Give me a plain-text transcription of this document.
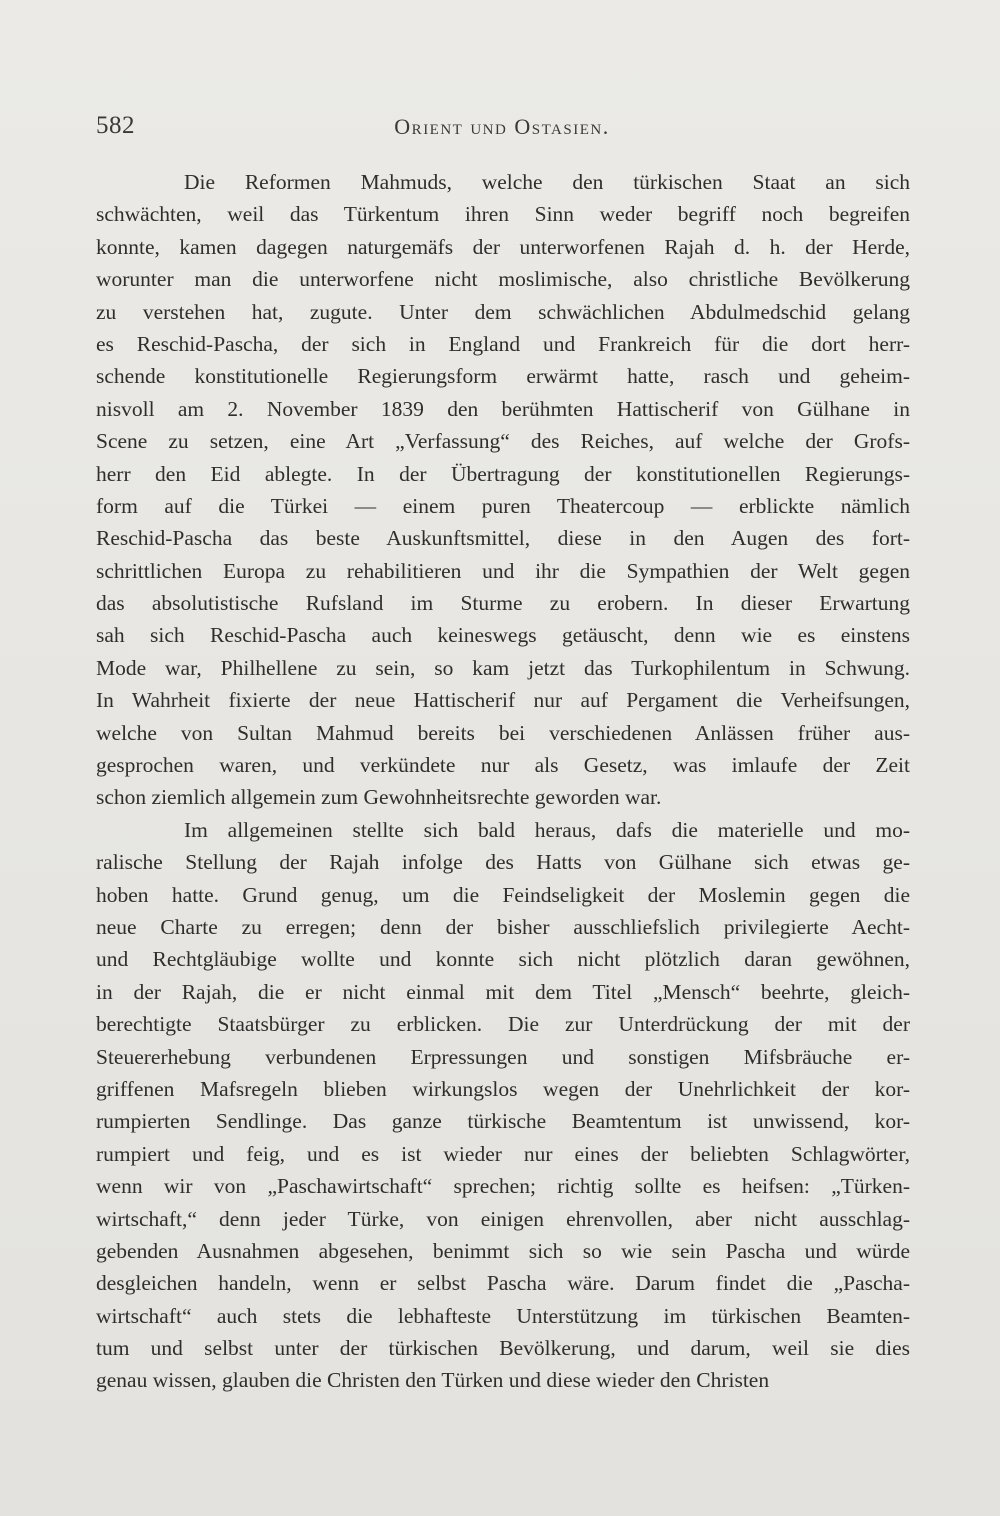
582	Orient und Ostasien.
Die Reformen Mahmuds, welche den türkischen Staat an sich
schwächten, weil das Türkentum ihren Sinn weder begriff noch begreifen
konnte, kamen dagegen naturgemäfs der unterworfenen Rajah d. h. der Herde,
worunter man die unterworfene nicht moslimische, also christliche Bevölkerung
zu verstehen hat, zugute. Unter dem schwächlichen Abdulmedschid gelang
es Reschid-Pascha, der sich in England und Frankreich für die dort herr-
schende konstitutionelle Regierungsform erwärmt hatte, rasch und geheim-
nisvoll am 2. November 1839 den berühmten Hattischerif von Gülhane in
Scene zu setzen, eine Art „Verfassung“ des Reiches, auf welche der Grofs-
herr den Eid ablegte. In der Übertragung der konstitutionellen Regierungs-
form auf die Türkei — einem puren Theatercoup — erblickte nämlich
Reschid-Pascha das beste Auskunftsmittel, diese in den Augen des fort-
schrittlichen Europa zu rehabilitieren und ihr die Sympathien der Welt gegen
das absolutistische Rufsland im Sturme zu erobern. In dieser Erwartung
sah sich Reschid-Pascha auch keineswegs getäuscht, denn wie es einstens
Mode war, Philhellene zu sein, so kam jetzt das Turkophilentum in Schwung.
In Wahrheit fixierte der neue Hattischerif nur auf Pergament die Verheifsungen,
welche von Sultan Mahmud bereits bei verschiedenen Anlässen früher aus-
gesprochen waren, und verkündete nur als Gesetz, was imlaufe der Zeit
schon ziemlich allgemein zum Gewohnheitsrechte geworden war.
Im allgemeinen stellte sich bald heraus, dafs die materielle und mo-
ralische Stellung der Rajah infolge des Hatts von Gülhane sich etwas ge-
hoben hatte. Grund genug, um die Feindseligkeit der Moslemin gegen die
neue Charte zu erregen; denn der bisher ausschliefslich privilegierte Aecht-
und Rechtgläubige wollte und konnte sich nicht plötzlich daran gewöhnen,
in der Rajah, die er nicht einmal mit dem Titel „Mensch“ beehrte, gleich-
berechtigte Staatsbürger zu erblicken. Die zur Unterdrückung der mit der
Steuererhebung verbundenen Erpressungen und sonstigen Mifsbräuche er-
griffenen Mafsregeln blieben wirkungslos wegen der Unehrlichkeit der kor-
rumpierten Sendlinge. Das ganze türkische Beamtentum ist unwissend, kor-
rumpiert und feig, und es ist wieder nur eines der beliebten Schlagwörter,
wenn wir von „Paschawirtschaft“ sprechen; richtig sollte es heifsen: „Türken-
wirtschaft,“ denn jeder Türke, von einigen ehrenvollen, aber nicht ausschlag-
gebenden Ausnahmen abgesehen, benimmt sich so wie sein Pascha und würde
desgleichen handeln, wenn er selbst Pascha wäre. Darum findet die „Pascha-
wirtschaft“ auch stets die lebhafteste Unterstützung im türkischen Beamten-
tum und selbst unter der türkischen Bevölkerung, und darum, weil sie dies
genau wissen, glauben die Christen den Türken und diese wieder den Christen
